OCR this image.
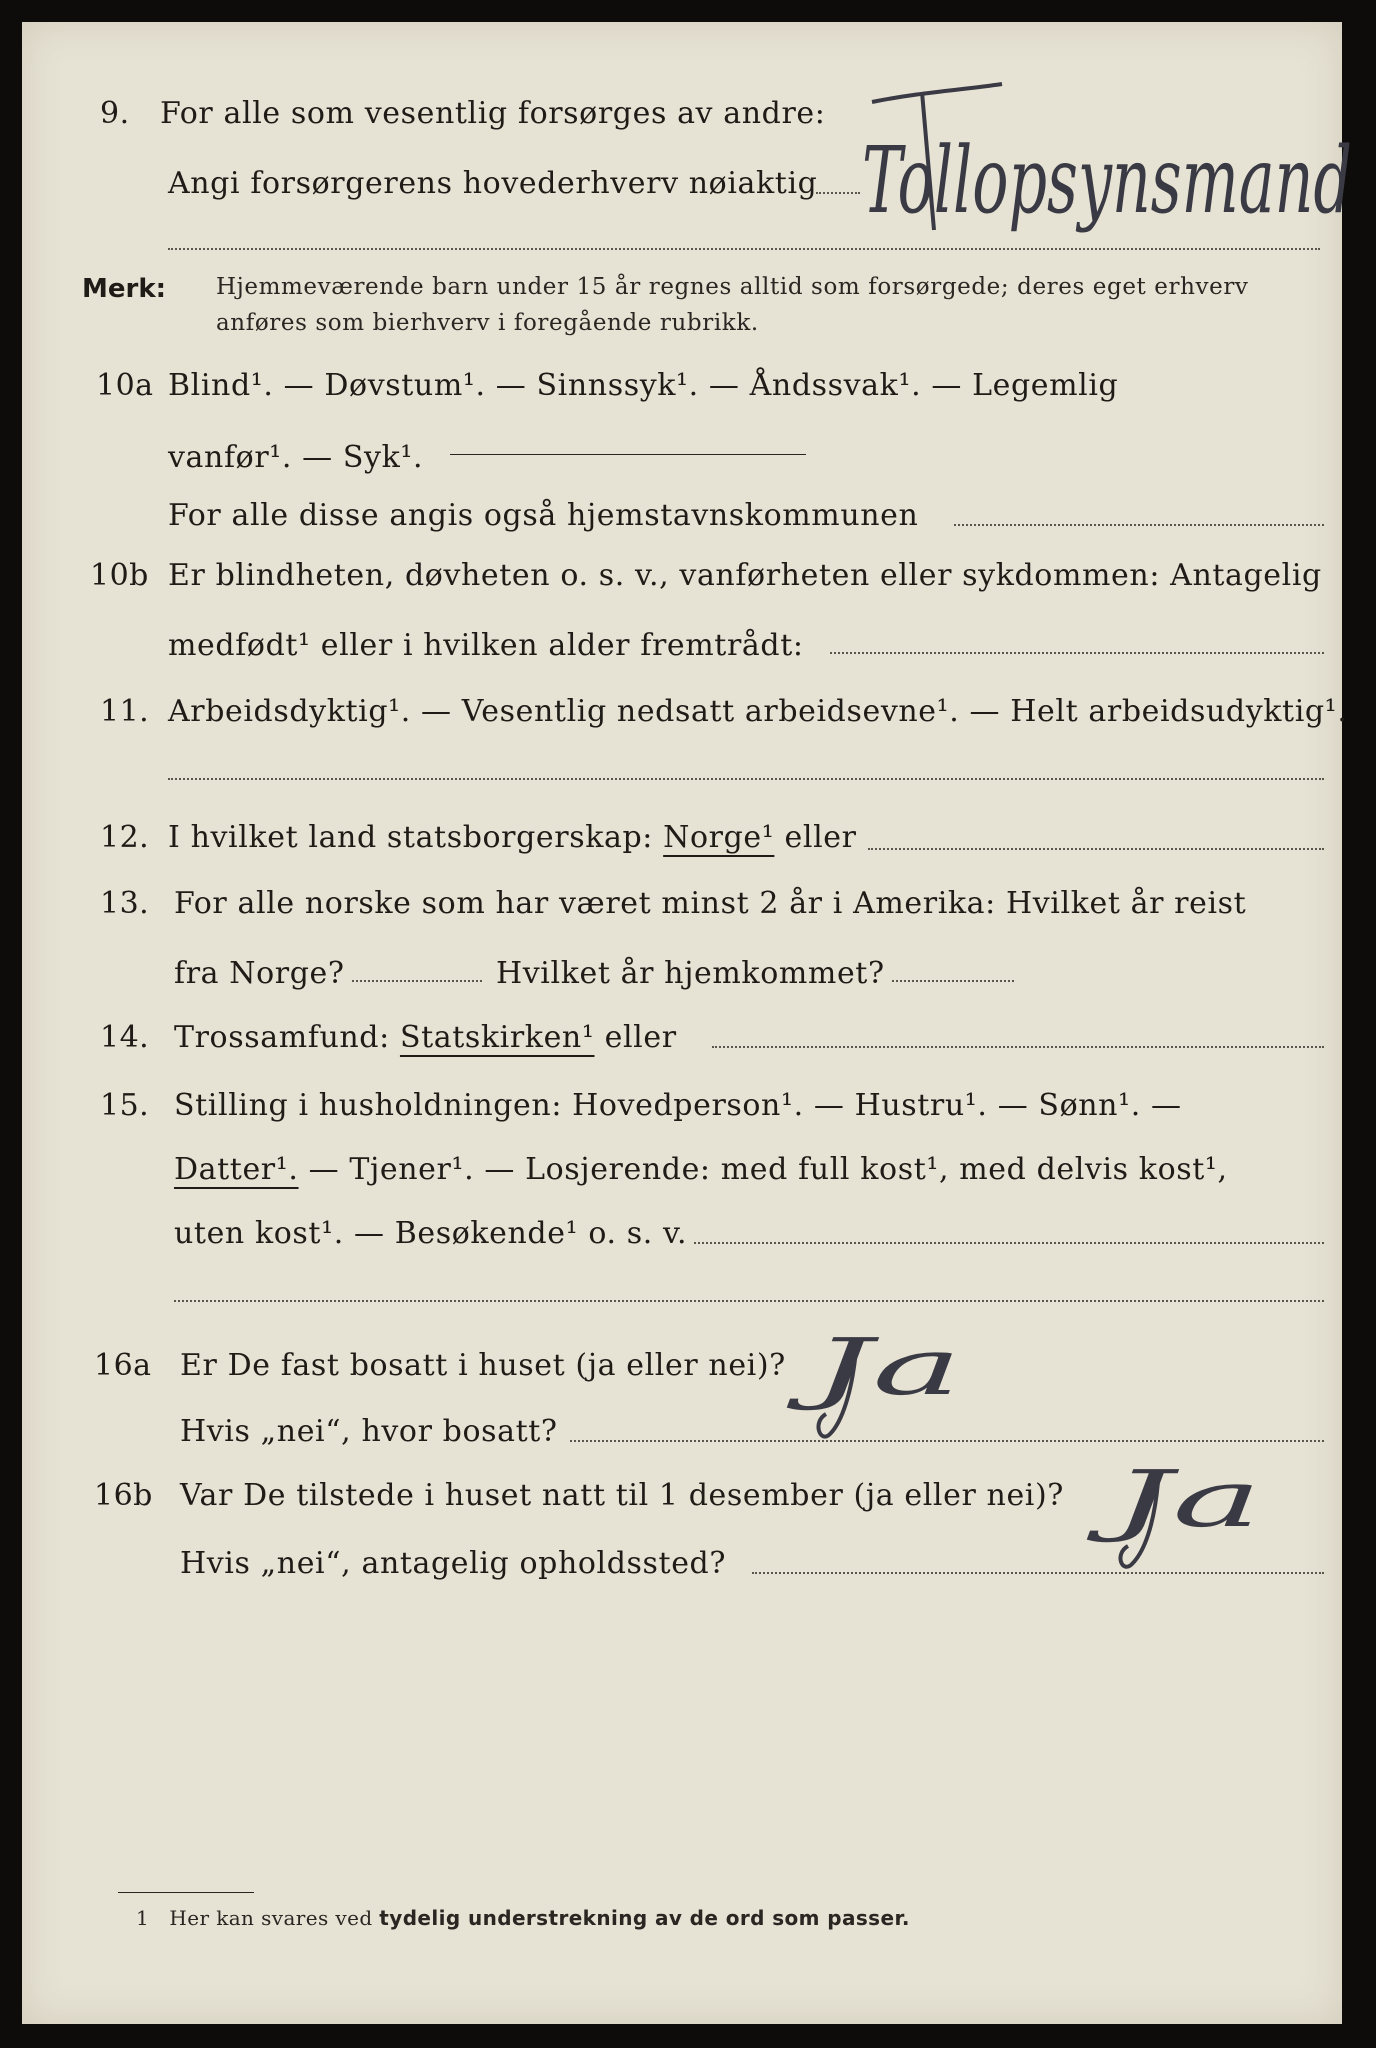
9. For alle som vesentlig forsørges av andre:
Angi forsørgerens hovederhverv nøiaktig Tollopsynsmand
Merk: Hjemmeværende barn under 15 år regnes alltid som forsørgede; deres eget erhverv
anføres som bierhverv i foregående rubrikk.
10a Blind¹. — Døvstum¹. — Sinnssyk¹. — Åndssvak¹. — Legemlig
vanfør¹. — Syk¹.
For alle disse angis også hjemstavnskommunen
10b Er blindheten, døvheten o. s. v., vanførheten eller sykdommen: Antagelig
medfødt¹ eller i hvilken alder fremtrådt:
11. Arbeidsdyktig¹. — Vesentlig nedsatt arbeidsevne¹. — Helt arbeidsudyktig¹.
12. I hvilket land statsborgerskap: Norge¹ eller
13. For alle norske som har været minst 2 år i Amerika: Hvilket år reist
fra Norge?	Hvilket år hjemkommet?
14. Trossamfund: Statskirken¹ eller
15. Stilling i husholdningen: Hovedperson¹. — Hustru¹. — Sønn¹. —
Datter¹. — Tjener¹. — Losjerende: med full kost¹, med delvis kost¹,
uten kost¹. — Besøkende¹ o. s. v.
16a Er De fast bosatt i huset (ja eller nei)?
Hvis „nei“, hvor bosatt?
Ja
16b Var De tilstede i huset natt til 1 desember (ja eller nei)?
Hvis „nei“, antagelig opholdssted?
Ja
1 Her kan svares ved tydelig understrekning av de ord som passer.
